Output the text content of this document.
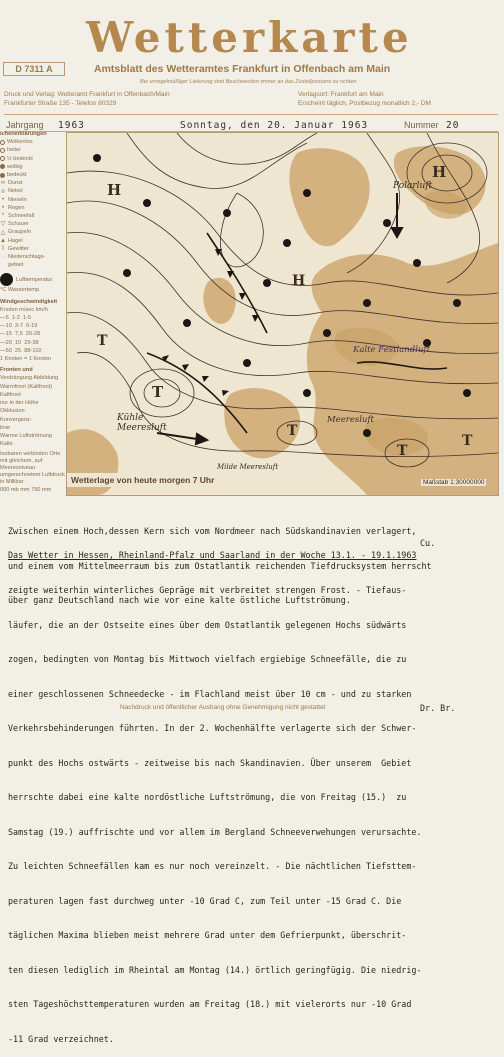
Wetterkarte
D 7311 A	Amtsblatt des Wetteramtes Frankfurt in Offenbach am Main
Bei unregelmäßiger Lieferung sind Beschwerden immer an das Zustellpostamt zu richten
Druck und Verlag: Wetteramt Frankfurt in Offenbach/Main
Frankfurter Straße 135 - Telefon 80329
Verlagsort: Frankfurt am Main
Erscheint täglich, Postbezug monatlich 2,- DM
Jahrgang 1963	Sonntag, den 20. Januar 1963	Nummer 20
ichenerklärungen
Wolkenlos
heiter
½ bedeckt
wolkig
bedeckt
∞ Dunst
≡ Nebel
• Nieseln
• Regen
* Schneefall
▽ Schauer
△ Graupeln
▲ Hagel
ꟾ Gewitter
· Niederschlags-
gebiet
Lufttemperatur
°C Wassertemp.
Windgeschwindigkeit
Knoten m/sec km/h
—5  1-2  1-5
—10  3-7  6-19
—15  7,5  20-28
—20  10  29-38
—50  25  88-102
1 Knoten = 1 Knoten
Fronten und
Verdrängung Abbildung
Warmfront (Kaltfront)
Kaltfront
nur in der Höhe
Okklusion
Konvergenz-
linie
Warme Luftströmung
Kalte
Isobaren verbinden Orte mit gleichem, auf Meeresniveau umgerechnetem Luftdruck in Millibar
000 mb mm 750 mm
H
H
T
T
T
T
H
T
Polarluft
Kalte Festlandluft
Kühle Meeresluft
Meeresluft
Milde Meeresluft
Wetterlage von heute morgen 7 Uhr	Maßstab 1:30000000

Zwischen einem Hoch,dessen Kern sich vom Nordmeer nach Südskandinavien verlagert,

und einem vom Mittelmeerraum bis zum Ostatlantik reichenden Tiefdrucksystem herrscht

über ganz Deutschland nach wie vor eine kalte östliche Luftströmung.

Cu.
Das Wetter in Hessen, Rheinland-Pfalz und Saarland in der Woche 13.1. - 19.1.1963

zeigte weiterhin winterliches Gepräge mit verbreitet strengen Frost. - Tiefaus-

läufer, die an der Ostseite eines über dem Ostatlantik gelegenen Hochs südwärts

zogen, bedingten von Montag bis Mittwoch vielfach ergiebige Schneefälle, die zu

einer geschlossenen Schneedecke - im Flachland meist über 10 cm - und zu starken

Verkehrsbehinderungen führten. In der 2. Wochenhälfte verlagerte sich der Schwer-

punkt des Hochs ostwärts - zeitweise bis nach Skandinavien. Über unserem  Gebiet

herrschte dabei eine kalte nordöstliche Luftströmung, die von Freitag (15.)  zu

Samstag (19.) auffrischte und vor allem im Bergland Schneeverwehungen verursachte.

Zu leichten Schneefällen kam es nur noch vereinzelt. - Die nächtlichen Tiefsttem-

peraturen lagen fast durchweg unter -10 Grad C, zum Teil unter -15 Grad C. Die

täglichen Maxima blieben meist mehrere Grad unter dem Gefrierpunkt, überschrit-

ten diesen lediglich im Rheintal am Montag (14.) örtlich geringfügig. Die niedrig-

sten Tageshöchsttemperaturen wurden am Freitag (18.) mit vielerorts nur -10 Grad

-11 Grad verzeichnet.

Nachdruck und öffentlicher Aushang ohne Genehmigung nicht gestattet	Dr. Br.
